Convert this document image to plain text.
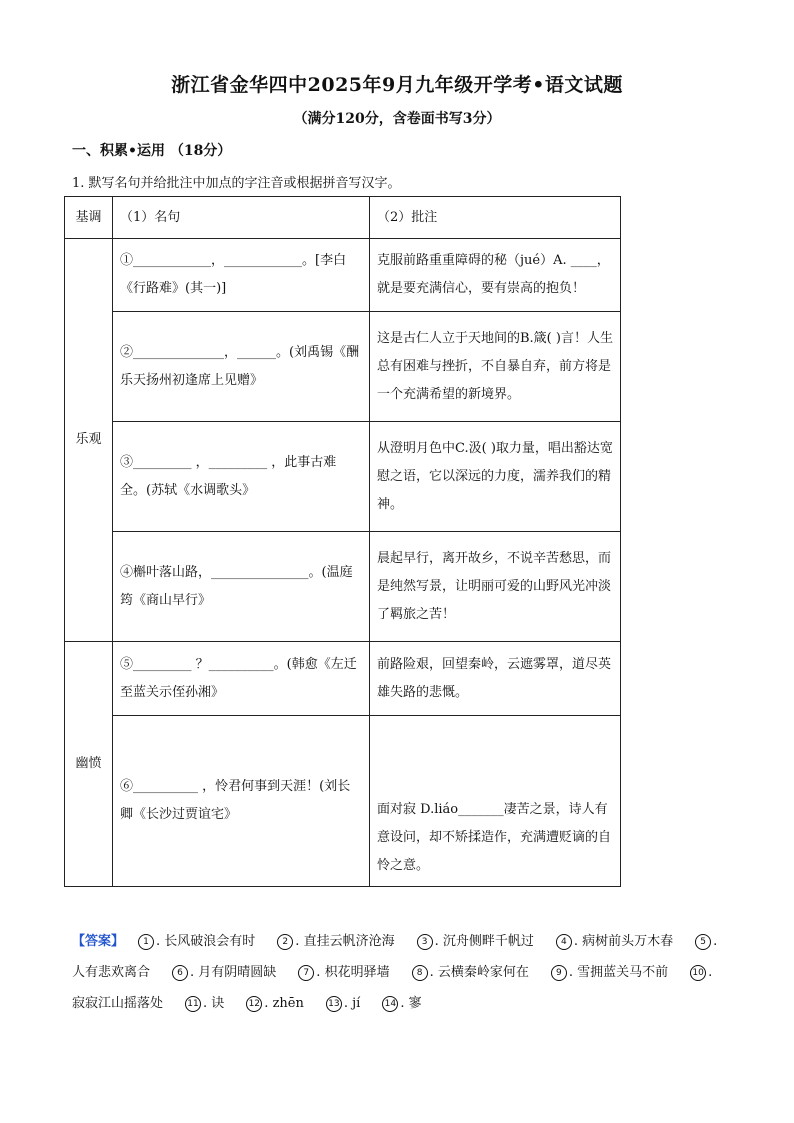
浙江省金华四中2025年9月九年级开学考•语文试题
（满分120分，含卷面书写3分）
一、积累•运用 （18分）
1. 默写名句并给批注中加点的字注音或根据拼音写汉字。
基调	（1）名句	（2）批注
乐观	①____________，____________。[李白《行路难》(其一)]	克服前路重重障碍的秘（jué）A. ____，就是要充满信心，要有崇高的抱负！
	②______________，______。(刘禹锡《酬乐天扬州初逢席上见赠》	这是古仁人立于天地间的B.箴( )言！人生总有困难与挫折，不自暴自弃，前方将是一个充满希望的新境界。
	③_________ ，_________ ，此事古难全。(苏轼《水调歌头》	从澄明月色中C.汲( )取力量，唱出豁达宽慰之语，它以深远的力度，濡养我们的精神。
	④槲叶落山路，_______________。(温庭筠《商山早行》	晨起早行，离开故乡，不说辛苦愁思，而是纯然写景，让明丽可爱的山野风光冲淡了羁旅之苦！
幽愤	⑤_________ ？__________。(韩愈《左迁至蓝关示侄孙湘》	前路险艰，回望秦岭，云遮雾罩，道尽英雄失路的悲慨。
	⑥__________ ，怜君何事到天涯！(刘长卿《长沙过贾谊宅》	面对寂 D.liáo_______凄苦之景，诗人有意设问，却不矫揉造作，充满遭贬谪的自怜之意。
【答案】 1 . 长风破浪会有时	2 . 直挂云帆济沧海	3 . 沉舟侧畔千帆过	4 . 病树前头万木春	5 . 人有悲欢离合	6 . 月有阴晴圆缺	7 . 枳花明驿墙	8 . 云横秦岭家何在	9 . 雪拥蓝关马不前	10 . 寂寂江山摇落处	11 . 诀	12 . zhēn	13 . jí	14 . 寥
